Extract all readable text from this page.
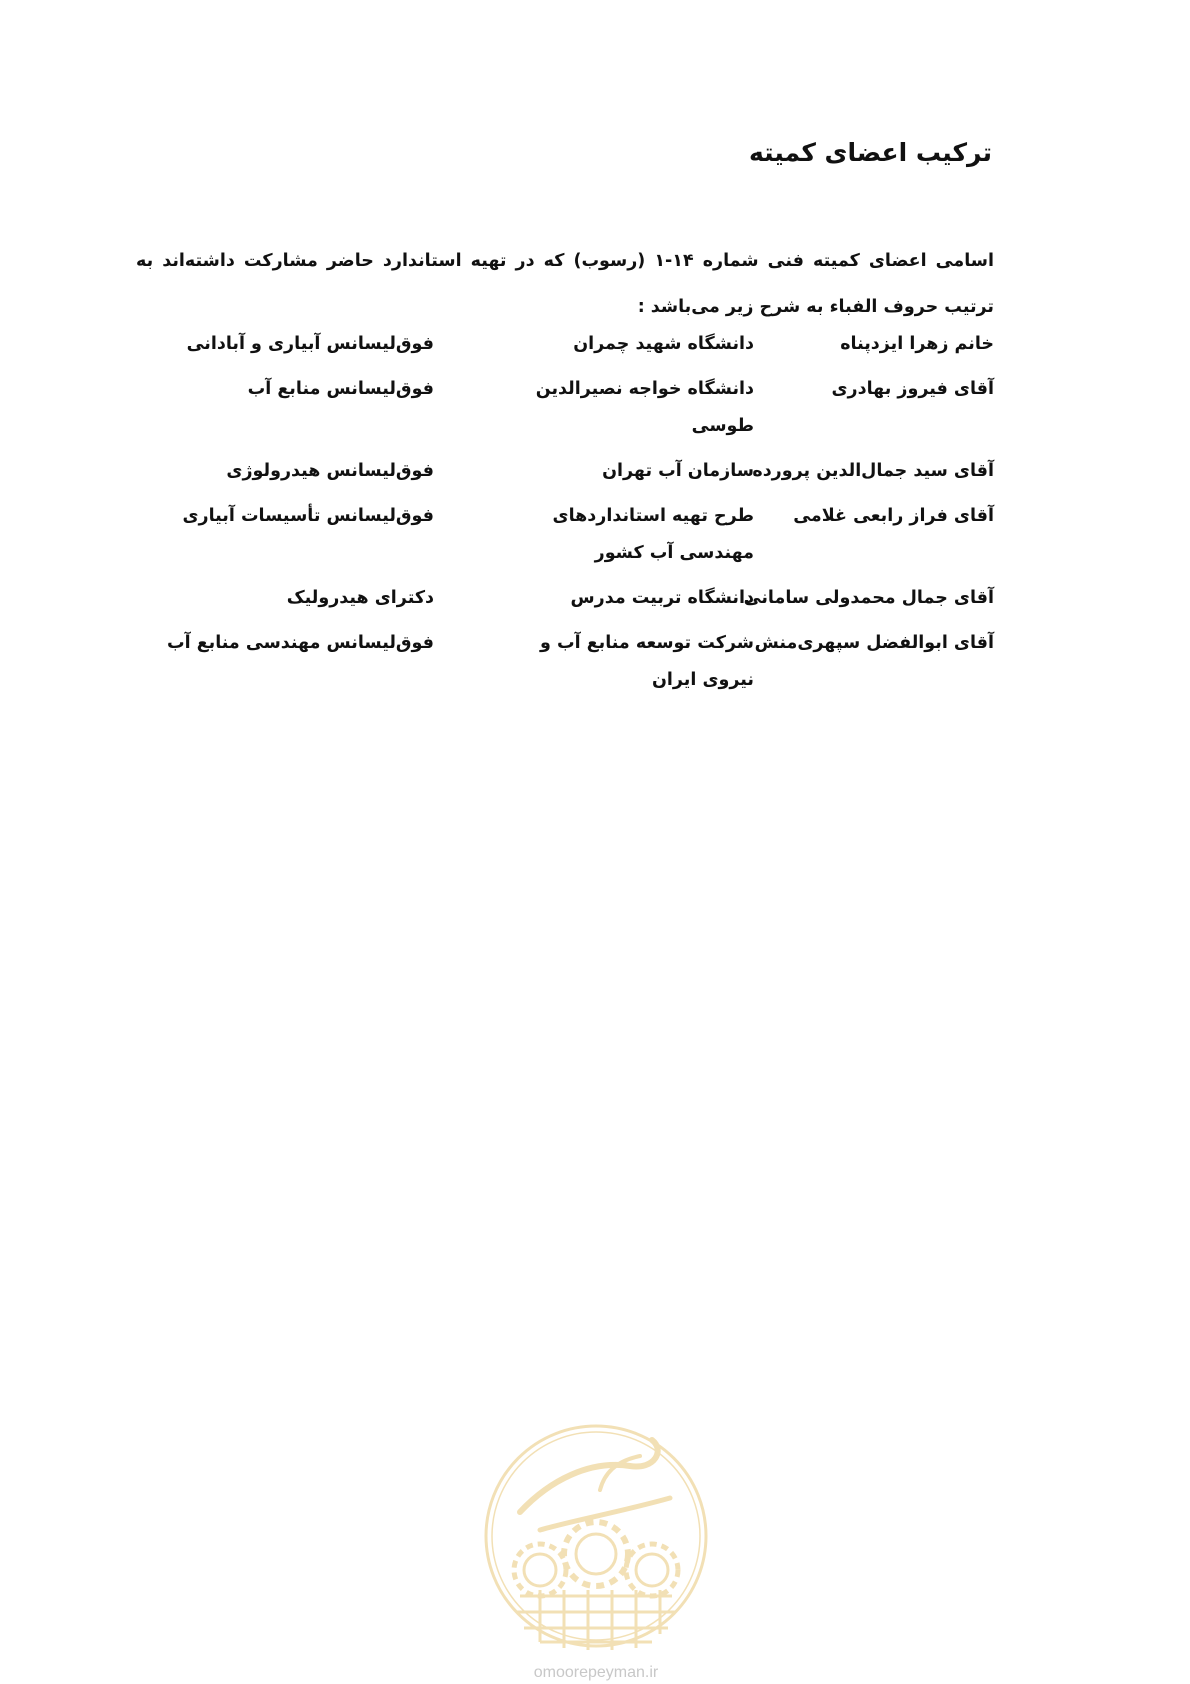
ترکیب اعضای کمیته
اسامی اعضای کمیته فنی شماره ۱۴-۱ (رسوب) که در تهیه استاندارد حاضر مشارکت داشته‌اند به ترتیب حروف الفباء به شرح زیر می‌باشد :
خانم زهرا ایزدپناه
دانشگاه شهید چمران
فوق‌لیسانس آبیاری و آبادانی
آقای فیروز بهادری
دانشگاه خواجه نصیرالدین طوسی
فوق‌لیسانس منابع آب
آقای سید جمال‌الدین پرورده
سازمان آب تهران
فوق‌لیسانس هیدرولوژی
آقای فراز رابعی غلامی
طرح تهیه استانداردهای مهندسی آب کشور
فوق‌لیسانس تأسیسات آبیاری
آقای جمال محمدولی سامانی
دانشگاه تربیت مدرس
دکترای هیدرولیک
آقای ابوالفضل سپهری‌منش
شرکت توسعه منابع آب و نیروی ایران
فوق‌لیسانس مهندسی منابع آب
omoorepeyman.ir
